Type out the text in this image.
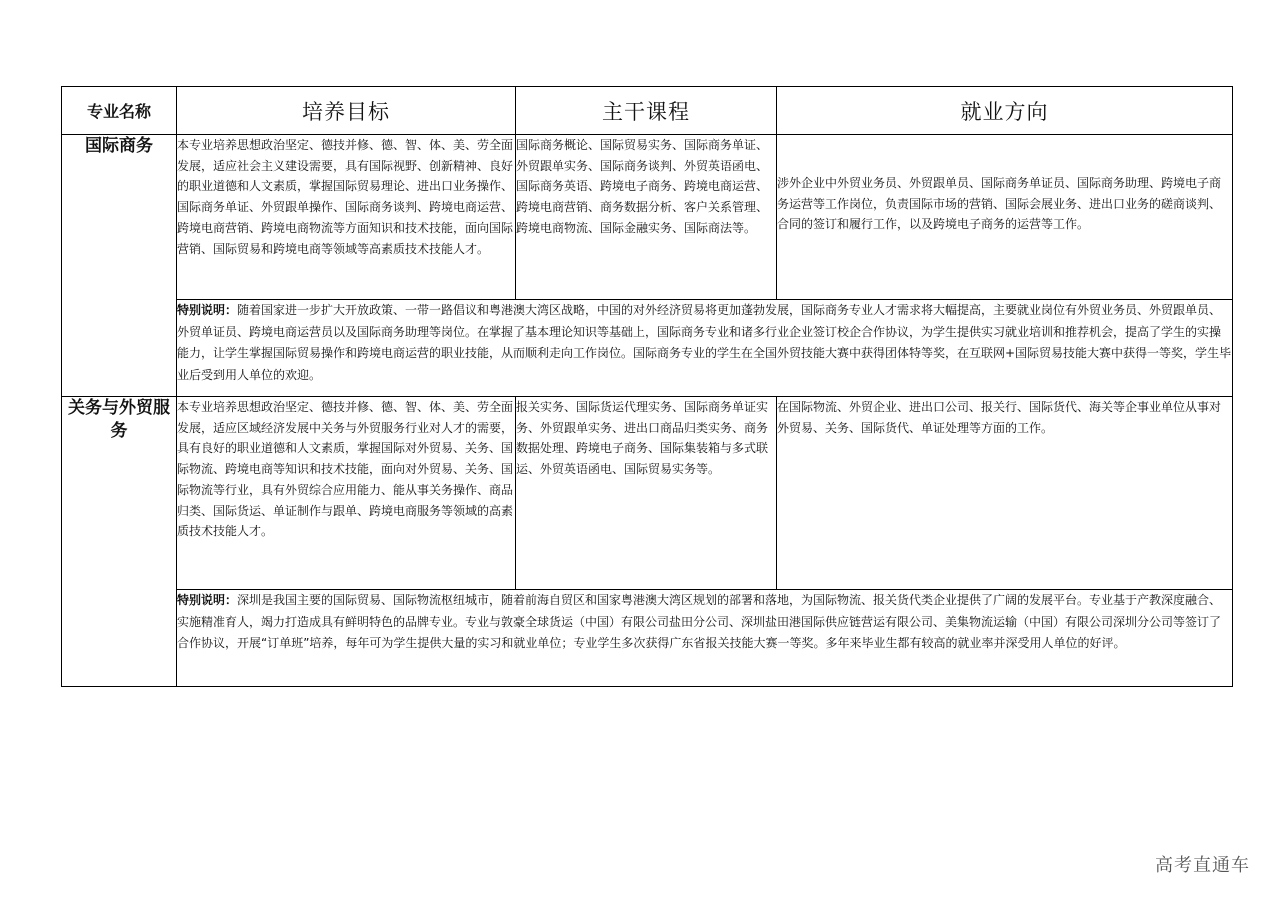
专业名称	培养目标	主干课程	就业方向
国际商务	本专业培养思想政治坚定、德技并修、德、智、体、美、劳全面发展，适应社会主义建设需要，具有国际视野、创新精神、良好的职业道德和人文素质，掌握国际贸易理论、进出口业务操作、国际商务单证、外贸跟单操作、国际商务谈判、跨境电商运营、跨境电商营销、跨境电商物流等方面知识和技术技能，面向国际营销、国际贸易和跨境电商等领域等高素质技术技能人才。	国际商务概论、国际贸易实务、国际商务单证、外贸跟单实务、国际商务谈判、外贸英语函电、国际商务英语、跨境电子商务、跨境电商运营、跨境电商营销、商务数据分析、客户关系管理、跨境电商物流、国际金融实务、国际商法等。	涉外企业中外贸业务员、外贸跟单员、国际商务单证员、国际商务助理、跨境电子商务运营等工作岗位，负责国际市场的营销、国际会展业务、进出口业务的磋商谈判、合同的签订和履行工作，以及跨境电子商务的运营等工作。
	特别说明：随着国家进一步扩大开放政策、一带一路倡议和粤港澳大湾区战略，中国的对外经济贸易将更加蓬勃发展，国际商务专业人才需求将大幅提高，主要就业岗位有外贸业务员、外贸跟单员、外贸单证员、跨境电商运营员以及国际商务助理等岗位。在掌握了基本理论知识等基础上，国际商务专业和诸多行业企业签订校企合作协议，为学生提供实习就业培训和推荐机会，提高了学生的实操能力，让学生掌握国际贸易操作和跨境电商运营的职业技能，从而顺利走向工作岗位。国际商务专业的学生在全国外贸技能大赛中获得团体特等奖，在互联网+国际贸易技能大赛中获得一等奖，学生毕业后受到用人单位的欢迎。		
关务与外贸服务	本专业培养思想政治坚定、德技并修、德、智、体、美、劳全面发展，适应区域经济发展中关务与外贸服务行业对人才的需要，具有良好的职业道德和人文素质，掌握国际对外贸易、关务、国际物流、跨境电商等知识和技术技能，面向对外贸易、关务、国际物流等行业，具有外贸综合应用能力、能从事关务操作、商品归类、国际货运、单证制作与跟单、跨境电商服务等领域的高素质技术技能人才。	报关实务、国际货运代理实务、国际商务单证实务、外贸跟单实务、进出口商品归类实务、商务数据处理、跨境电子商务、国际集装箱与多式联运、外贸英语函电、国际贸易实务等。	在国际物流、外贸企业、进出口公司、报关行、国际货代、海关等企事业单位从事对外贸易、关务、国际货代、单证处理等方面的工作。
	特别说明：深圳是我国主要的国际贸易、国际物流枢纽城市，随着前海自贸区和国家粤港澳大湾区规划的部署和落地，为国际物流、报关货代类企业提供了广阔的发展平台。专业基于产教深度融合、实施精准育人，竭力打造成具有鲜明特色的品牌专业。专业与敦豪全球货运（中国）有限公司盐田分公司、深圳盐田港国际供应链营运有限公司、美集物流运输（中国）有限公司深圳分公司等签订了合作协议，开展“订单班”培养，每年可为学生提供大量的实习和就业单位；专业学生多次获得广东省报关技能大赛一等奖。多年来毕业生都有较高的就业率并深受用人单位的好评。		
高考直通车
